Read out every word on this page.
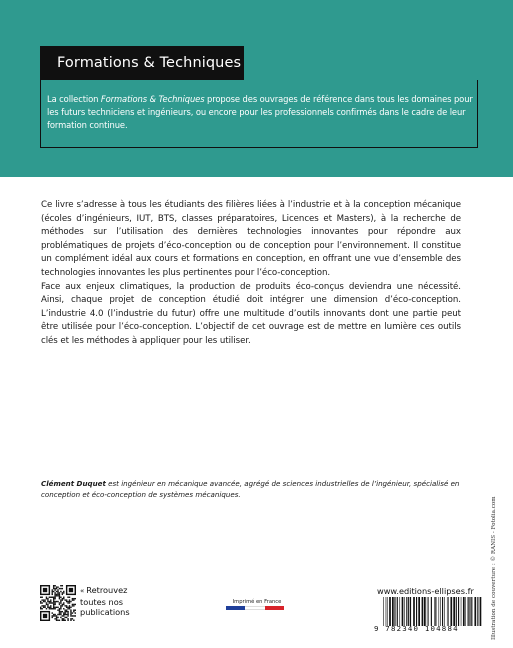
Formations & Techniques
La collection Formations & Techniques propose des ouvrages de référence dans tous les domaines pour les futurs techniciens et ingénieurs, ou encore pour les professionnels confirmés dans le cadre de leur formation continue.

Ce livre s’adresse à tous les étudiants des filières liées à l’industrie et à la conception mécanique (écoles d’ingénieurs, IUT, BTS, classes préparatoires, Licences et Masters), à la recherche de méthodes sur l’utilisation des dernières technologies innovantes pour répondre aux problématiques de projets d’éco-conception ou de conception pour l’environnement. Il constitue un complément idéal aux cours et formations en conception, en offrant une vue d’ensemble des technologies innovantes les plus pertinentes pour l’éco-conception.

Face aux enjeux climatiques, la production de produits éco-conçus deviendra une nécessité. Ainsi, chaque projet de conception étudié doit intégrer une dimension d’éco-conception. L’industrie 4.0 (l’industrie du futur) offre une multitude d’outils innovants dont une partie peut être utilisée pour l’éco-conception. L’objectif de cet ouvrage est de mettre en lumière ces outils clés et les méthodes à appliquer pour les utiliser.

Clément Duquet est ingénieur en mécanique avancée, agrégé de sciences industrielles de l’ingénieur, spécialisé en conception et éco-conception de systèmes mécaniques.
Illustration de couverture : © RANIS - Fotolia.com
« Retrouvez
toutes nos
publications
Imprimé en France
www.editions-ellipses.fr
9 782340 104884
